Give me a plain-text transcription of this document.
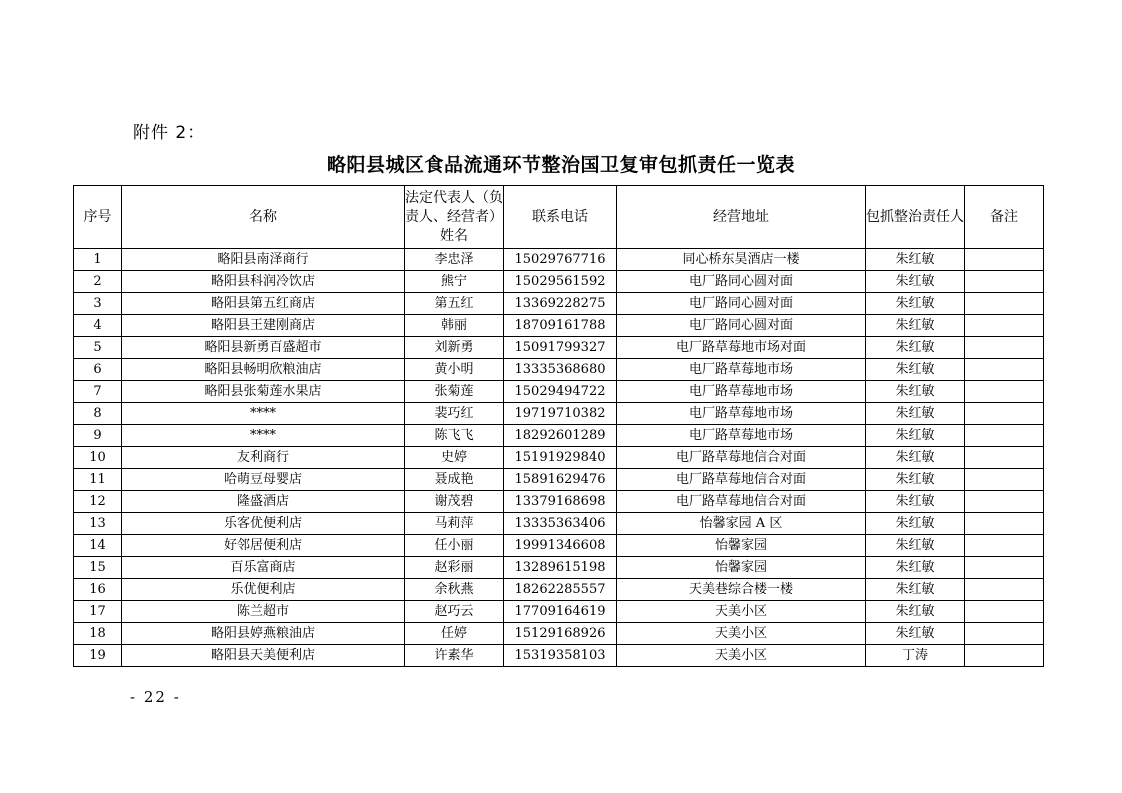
附件 2：
略阳县城区食品流通环节整治国卫复审包抓责任一览表
序号	名称	法定代表人（负责人、经营者）姓名	联系电话	经营地址	包抓整治责任人	备注
1	略阳县南泽商行	李忠泽	15029767716	同心桥东昊酒店一楼	朱红敏	
2	略阳县科润冷饮店	熊宁	15029561592	电厂路同心圆对面	朱红敏	
3	略阳县第五红商店	第五红	13369228275	电厂路同心圆对面	朱红敏	
4	略阳县王建刚商店	韩丽	18709161788	电厂路同心圆对面	朱红敏	
5	略阳县新勇百盛超市	刘新勇	15091799327	电厂路草莓地市场对面	朱红敏	
6	略阳县畅明欣粮油店	黄小明	13335368680	电厂路草莓地市场	朱红敏	
7	略阳县张菊莲水果店	张菊莲	15029494722	电厂路草莓地市场	朱红敏	
8	****	裴巧红	19719710382	电厂路草莓地市场	朱红敏	
9	****	陈飞飞	18292601289	电厂路草莓地市场	朱红敏	
10	友利商行	史婷	15191929840	电厂路草莓地信合对面	朱红敏	
11	哈萌豆母婴店	聂成艳	15891629476	电厂路草莓地信合对面	朱红敏	
12	隆盛酒店	谢茂碧	13379168698	电厂路草莓地信合对面	朱红敏	
13	乐客优便利店	马莉萍	13335363406	怡馨家园 A 区	朱红敏	
14	好邻居便利店	任小丽	19991346608	怡馨家园	朱红敏	
15	百乐富商店	赵彩丽	13289615198	怡馨家园	朱红敏	
16	乐优便利店	余秋燕	18262285557	天美巷综合楼一楼	朱红敏	
17	陈兰超市	赵巧云	17709164619	天美小区	朱红敏	
18	略阳县婷燕粮油店	任婷	15129168926	天美小区	朱红敏	
19	略阳县天美便利店	许素华	15319358103	天美小区	丁涛	
- 22 -
